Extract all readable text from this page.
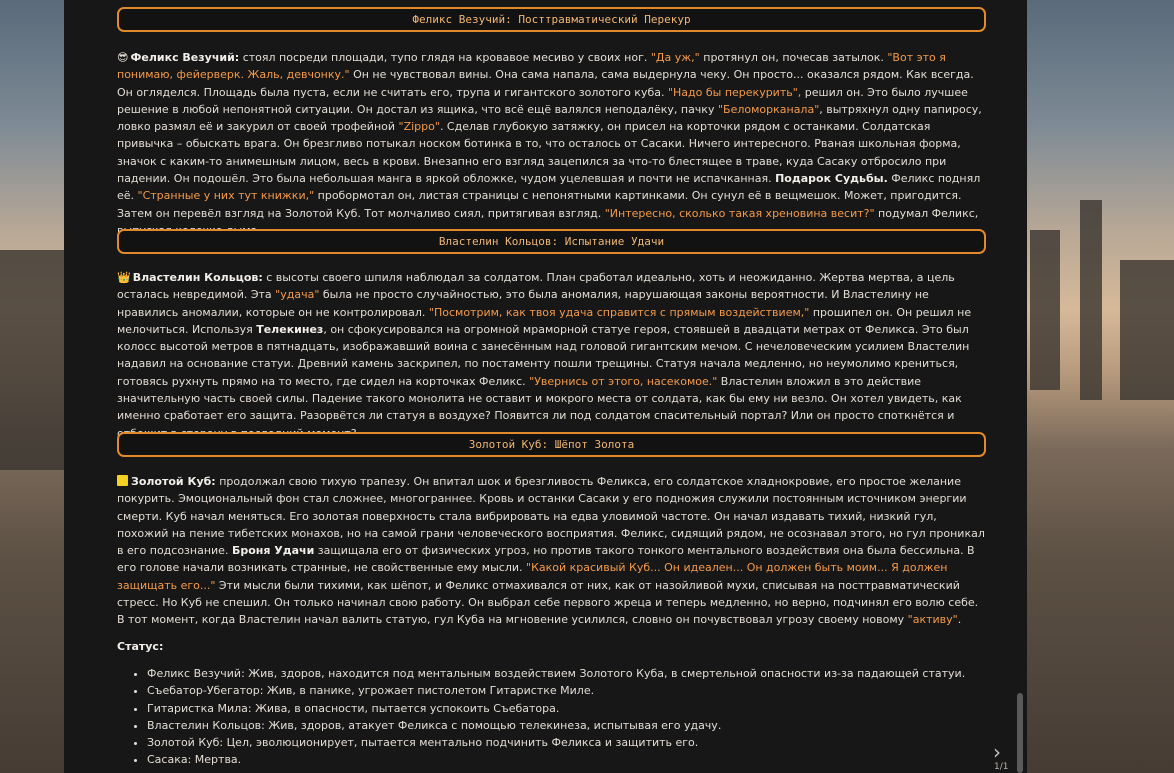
Феликс Везучий: Посттравматический Перекур

😎 Феликс Везучий: стоял посреди площади, тупо глядя на кровавое месиво у своих ног. "Да уж," протянул он, почесав затылок. "Вот это я понимаю, фейерверк. Жаль, девчонку." Он не чувствовал вины. Она сама напала, сама выдернула чеку. Он просто... оказался рядом. Как всегда. Он огляделся. Площадь была пуста, если не считать его, трупа и гигантского золотого куба. "Надо бы перекурить", решил он. Это было лучшее решение в любой непонятной ситуации. Он достал из ящика, что всё ещё валялся неподалёку, пачку "Беломорканала", вытряхнул одну папиросу, ловко размял её и закурил от своей трофейной "Zippo". Сделав глубокую затяжку, он присел на корточки рядом с останками. Солдатская привычка – обыскать врага. Он брезгливо потыкал носком ботинка в то, что осталось от Сасаки. Ничего интересного. Рваная школьная форма, значок с каким-то анимешным лицом, весь в крови. Внезапно его взгляд зацепился за что-то блестящее в траве, куда Сасаку отбросило при падении. Он подошёл. Это была небольшая манга в яркой обложке, чудом уцелевшая и почти не испачканная. Подарок Судьбы. Феликс поднял её. "Странные у них тут книжки," пробормотал он, листая страницы с непонятными картинками. Он сунул её в вещмешок. Может, пригодится. Затем он перевёл взгляд на Золотой Куб. Тот молчаливо сиял, притягивая взгляд. "Интересно, сколько такая хреновина весит?" подумал Феликс,

Властелин Кольцов: Испытание Удачи

👑 Властелин Кольцов: с высоты своего шпиля наблюдал за солдатом. План сработал идеально, хоть и неожиданно. Жертва мертва, а цель осталась невредимой. Эта "удача" была не просто случайностью, это была аномалия, нарушающая законы вероятности. И Властелину не нравились аномалии, которые он не контролировал. "Посмотрим, как твоя удача справится с прямым воздействием," прошипел он. Он решил не мелочиться. Используя Телекинез, он сфокусировался на огромной мраморной статуе героя, стоявшей в двадцати метрах от Феликса. Это был колосс высотой метров в пятнадцать, изображавший воина с занесённым над головой гигантским мечом. С нечеловеческим усилием Властелин надавил на основание статуи. Древний камень заскрипел, по постаменту пошли трещины. Статуя начала медленно, но неумолимо крениться, готовясь рухнуть прямо на то место, где сидел на корточках Феликс. "Увернись от этого, насекомое." Властелин вложил в это действие значительную часть своей силы. Падение такого монолита не оставит и мокрого места от солдата, как бы ему ни везло. Он хотел увидеть, как именно сработает его защита. Разорвётся ли статуя в воздухе? Появится ли под солдатом спасительный портал? Или он просто споткнётся и

Золотой Куб: Шёпот Золота

Золотой Куб: продолжал свою тихую трапезу. Он впитал шок и брезгливость Феликса, его солдатское хладнокровие, его простое желание покурить. Эмоциональный фон стал сложнее, многограннее. Кровь и останки Сасаки у его подножия служили постоянным источником энергии смерти. Куб начал меняться. Его золотая поверхность стала вибрировать на едва уловимой частоте. Он начал издавать тихий, низкий гул, похожий на пение тибетских монахов, но на самой грани человеческого восприятия. Феликс, сидящий рядом, не осознавал этого, но гул проникал в его подсознание. Броня Удачи защищала его от физических угроз, но против такого тонкого ментального воздействия она была бессильна. В его голове начали возникать странные, не свойственные ему мысли. "Какой красивый Куб... Он идеален... Он должен быть моим... Я должен защищать его..." Эти мысли были тихими, как шёпот, и Феликс отмахивался от них, как от назойливой мухи, списывая на посттравматический стресс. Но Куб не спешил. Он только начинал свою работу. Он выбрал себе первого жреца и теперь медленно, но верно, подчинял его волю себе. В тот момент, когда Властелин начал валить статую, гул Куба на мгновение усилился, словно он почувствовал угрозу своему новому "активу".

Статус:

• Феликс Везучий: Жив, здоров, находится под ментальным воздействием Золотого Куба, в смертельной опасности из-за падающей статуи.
• Съебатор-Убегатор: Жив, в панике, угрожает пистолетом Гитаристке Миле.
• Гитаристка Мила: Жива, в опасности, пытается успокоить Съебатора.
• Властелин Кольцов: Жив, здоров, атакует Феликса с помощью телекинеза, испытывая его удачу.
• Золотой Куб: Цел, эволюционирует, пытается ментально подчинить Феликса и защитить его.
• Сасака: Мертва.	›
1/1
